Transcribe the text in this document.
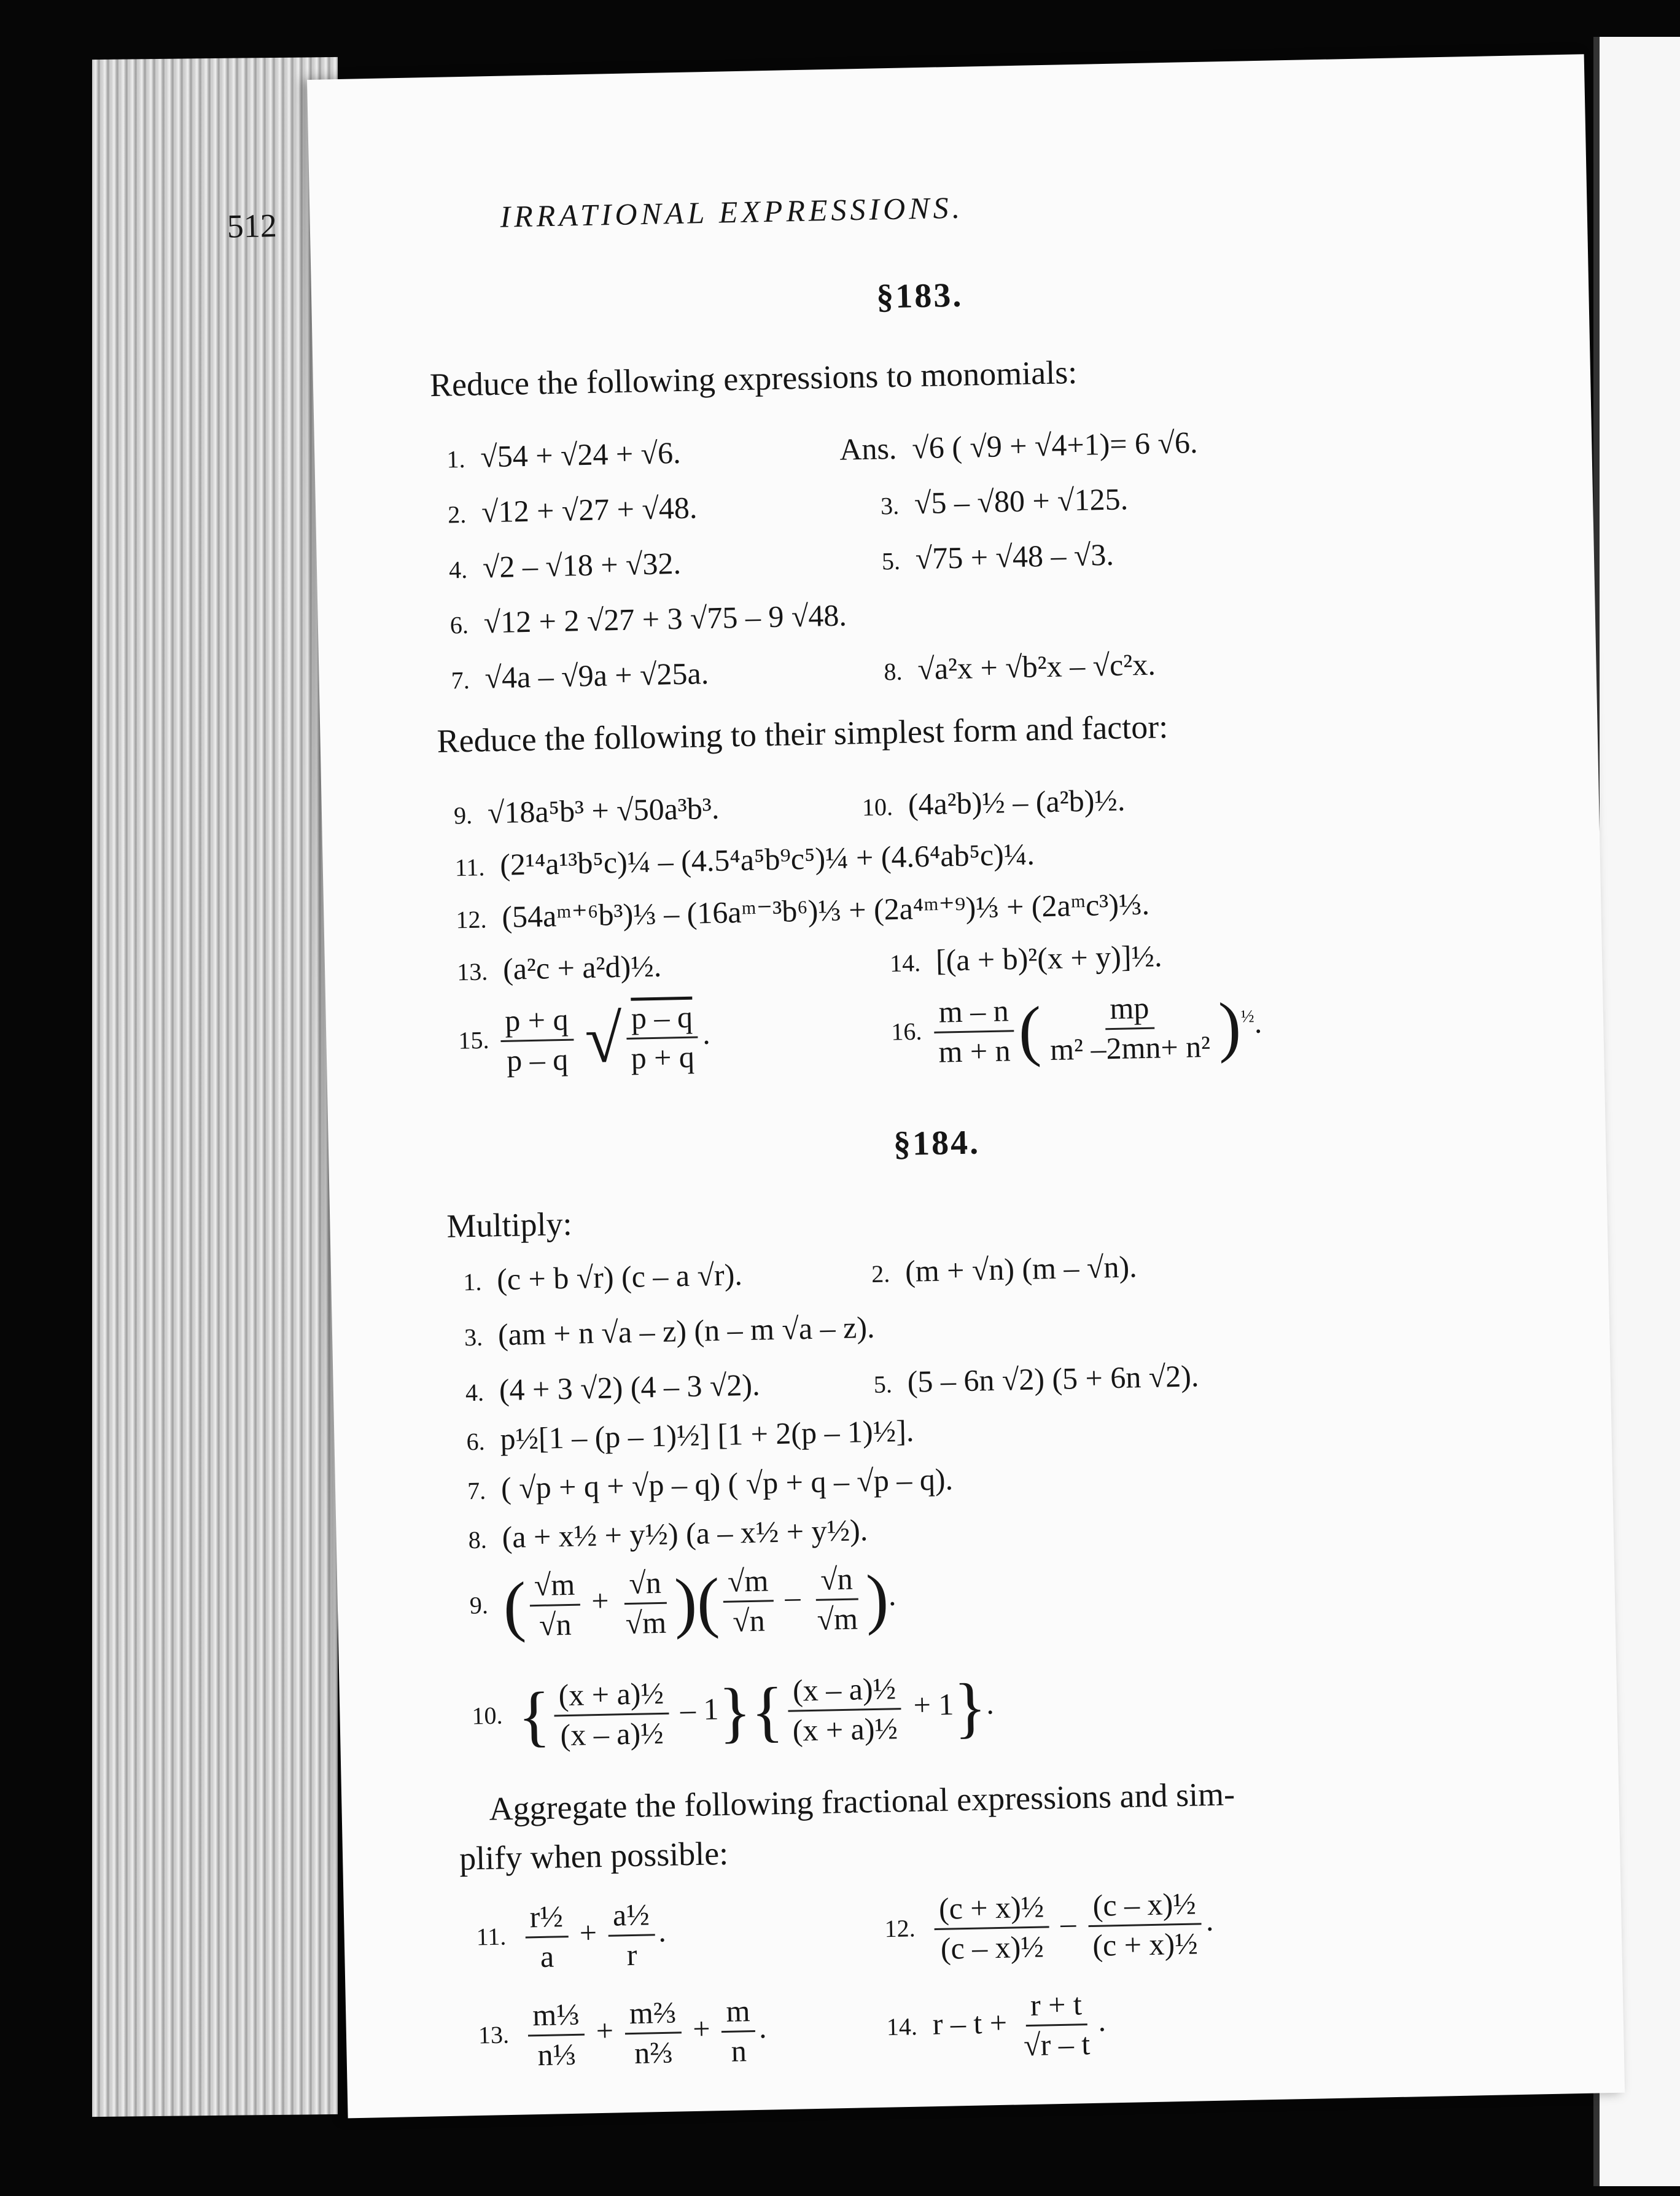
512	IRRATIONAL EXPRESSIONS.
§183.
Reduce the following expressions to monomials:
1. √54 + √24 + √6.	Ans. √6 ( √9 + √4+1)= 6 √6.
2. √12 + √27 + √48.	3. √5 – √80 + √125.
4. √2 – √18 + √32.	5. √75 + √48 – √3.
6. √12 + 2 √27 + 3 √75 – 9 √48.
7. √4a – √9a + √25a.	8. √a²x + √b²x – √c²x.
Reduce the following to their simplest form and factor:
9. √18a⁵b³ + √50a³b³.	10. (4a²b)½ – (a²b)½.
11. (2¹⁴a¹³b⁵c)¼ – (4.5⁴a⁵b⁹c⁵)¼ + (4.6⁴ab⁵c)¼.
12. (54aᵐ⁺⁶b³)⅓ – (16aᵐ⁻³b⁶)⅓ + (2a⁴ᵐ⁺⁹)⅓ + (2aᵐc³)⅓.
13. (a²c + a²d)½.	14. [(a + b)²(x + y)]½.
15. $\frac{p + q}{p - q}$ √ $\frac{p - q}{p + q}$ .	16. $\frac{m - n}{m + n}$ ( $\frac{mp}{\text{m² –2mn+ n²}} )^{\frac{1}{2}}$.
§184.
Multiply:
1. (c + b √r) (c – a √r).	2. (m + √n) (m – √n).
3. (am + n √a – z) (n – m √a – z).
4. (4 + 3 √2) (4 – 3 √2).	5. (5 – 6n √2) (5 + 6n √2).
6. p½[1 – (p – 1)½] [1 + 2(p – 1)½].
7. ( √p + q + √p – q) ( √p + q – √p – q).
8. (a + x½ + y½) (a – x½ + y½).
9. ( $\frac{√m}{√n} + \frac{√n}{√m}$ )( $\frac{√m}{√n} - \frac{√n}{√m}$ ).
10. { $\frac{\text{(x + a)½}}{\text{(x – a)½}} - 1\}\{ \frac{\text{(x – a)½}}{\text{(x + a)½}} + 1\}$.
Aggregate the following fractional expressions and sim-
plify when possible:
11. $\frac{\text{r½}}{a} + \frac{\text{a½}}{r}$ .	12. $\frac{\text{(c + x)½}}{\text{(c – x)½}} - \frac{\text{(c – x)½}}{\text{(c + x)½}}$ .
13. $\frac{\text{m⅓}}{\text{n⅓}} + \frac{\text{m⅔}}{\text{n⅔}} + \frac{m}{n}$ .	14. $r - t + \frac{r + t}{√r - t}$ .
